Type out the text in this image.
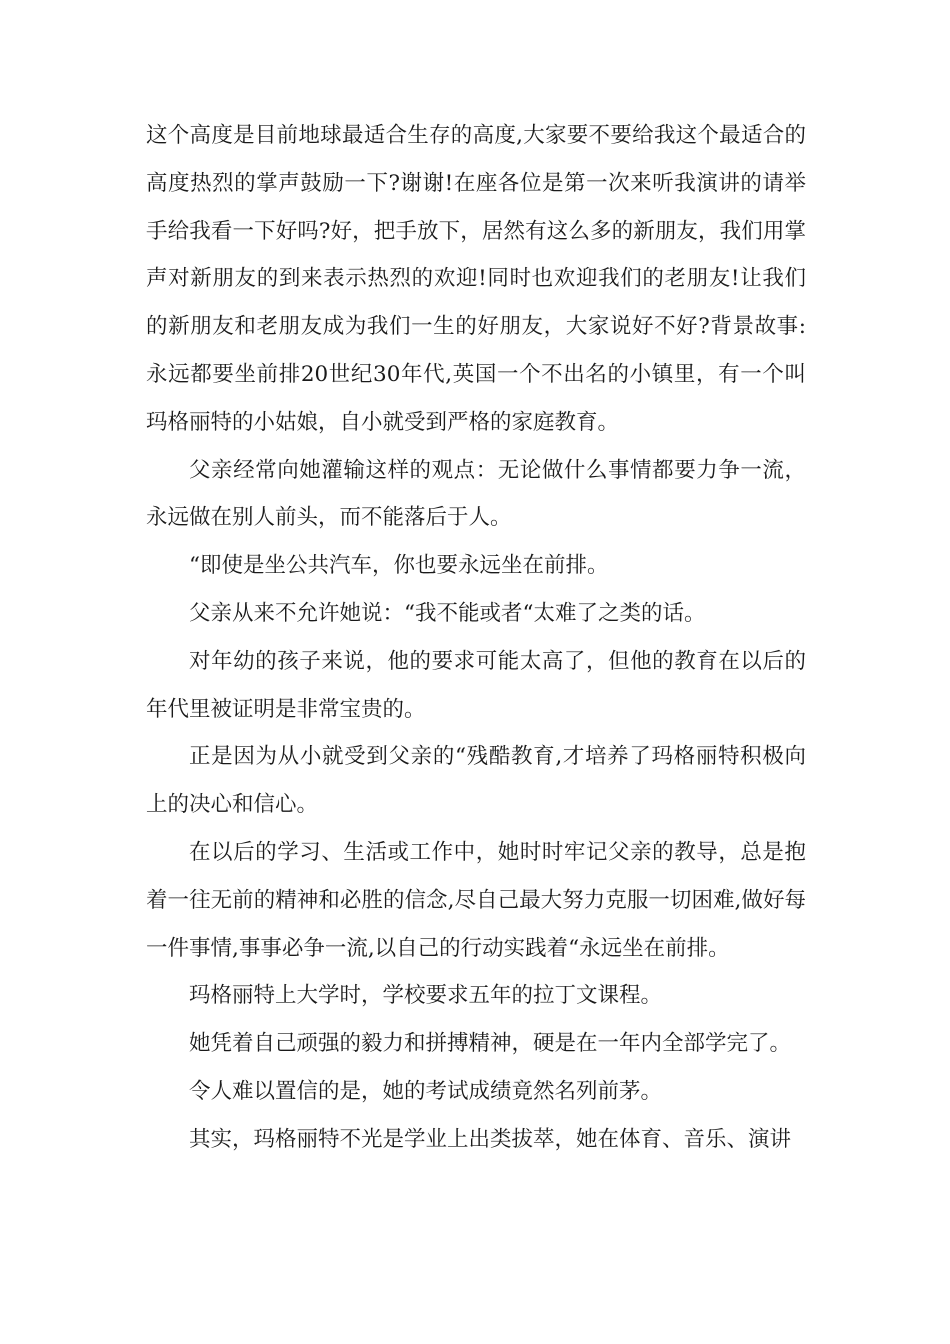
这个高度是目前地球最适合生存的高度,大家要不要给我这个最适合的高度热烈的掌声鼓励一下?谢谢!在座各位是第一次来听我演讲的请举手给我看一下好吗?好，把手放下，居然有这么多的新朋友，我们用掌声对新朋友的到来表示热烈的欢迎!同时也欢迎我们的老朋友!让我们的新朋友和老朋友成为我们一生的好朋友，大家说好不好?背景故事:永远都要坐前排20世纪30年代,英国一个不出名的小镇里，有一个叫玛格丽特的小姑娘，自小就受到严格的家庭教育。

父亲经常向她灌输这样的观点：无论做什么事情都要力争一流，永远做在别人前头，而不能落后于人。

“即使是坐公共汽车，你也要永远坐在前排。

父亲从来不允许她说：“我不能或者“太难了之类的话。

对年幼的孩子来说，他的要求可能太高了，但他的教育在以后的年代里被证明是非常宝贵的。

正是因为从小就受到父亲的“残酷教育,才培养了玛格丽特积极向上的决心和信心。

在以后的学习、生活或工作中，她时时牢记父亲的教导，总是抱着一往无前的精神和必胜的信念,尽自己最大努力克服一切困难,做好每一件事情,事事必争一流,以自己的行动实践着“永远坐在前排。

玛格丽特上大学时，学校要求五年的拉丁文课程。

她凭着自己顽强的毅力和拼搏精神，硬是在一年内全部学完了。

令人难以置信的是，她的考试成绩竟然名列前茅。

其实，玛格丽特不光是学业上出类拔萃，她在体育、音乐、演讲
